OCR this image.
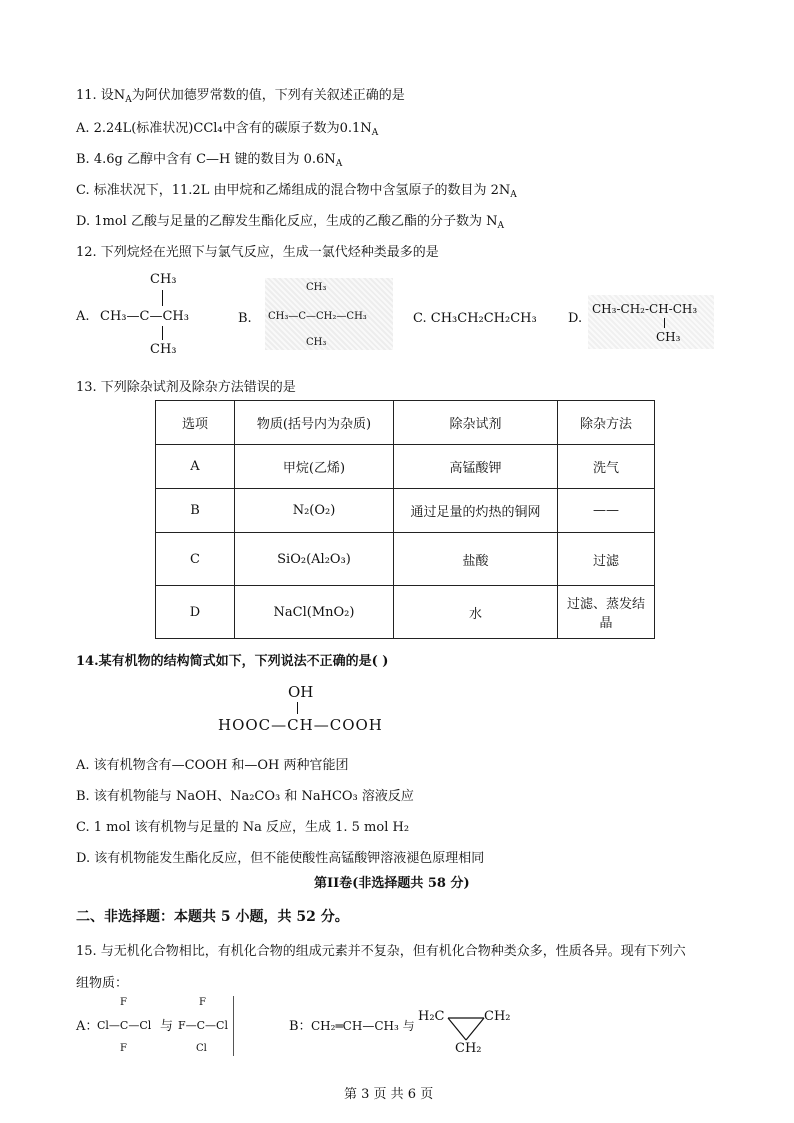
11. 设$N_A$为阿伏加德罗常数的值，下列有关叙述正确的是
A. 2.24L(标准状况)CCl₄中含有的碳原子数为$0.1N_A$
B. 4.6g 乙醇中含有 C—H 键的数目为 $0.6N_A$
C. 标准状况下，11.2L 由甲烷和乙烯组成的混合物中含氢原子的数目为 $2N_A$
D. 1mol 乙酸与足量的乙醇发生酯化反应，生成的乙酸乙酯的分子数为 $N_A$
12. 下列烷烃在光照下与氯气反应，生成一氯代烃种类最多的是
A.
CH₃
CH₃—C—CH₃
CH₃
B.
CH₃
CH₃—C—CH₂—CH₃
CH₃
C. CH₃CH₂CH₂CH₃ D.
CH₃-CH₂-CH-CH₃
CH₃
13. 下列除杂试剂及除杂方法错误的是
选项	物质(括号内为杂质)	除杂试剂	除杂方法
A	甲烷(乙烯)	高锰酸钾	洗气
B	N₂(O₂)	通过足量的灼热的铜网	——
C	SiO₂(Al₂O₃)	盐酸	过滤
D	NaCl(MnO₂)	水	过滤、蒸发结晶
14.某有机物的结构简式如下，下列说法不正确的是( )
OH
HOOC—CH—COOH
A. 该有机物含有—COOH 和—OH 两种官能团
B. 该有机物能与 NaOH、Na₂CO₃ 和 NaHCO₃ 溶液反应
C. 1 mol 该有机物与足量的 Na 反应，生成 1. 5 mol H₂
D. 该有机物能发生酯化反应，但不能使酸性高锰酸钾溶液褪色原理相同
第II卷(非选择题共 58 分)
二、非选择题：本题共 5 小题，共 52 分。
15. 与无机化合物相比，有机化合物的组成元素并不复杂，但有机化合物种类众多，性质各异。现有下列六
组物质：
A：
F
Cl—C—Cl
F
与
F
F—C—Cl
Cl
B： CH₂═CH—CH₃ 与
H₂C	CH₂
CH₂
第 3 页 共 6 页
